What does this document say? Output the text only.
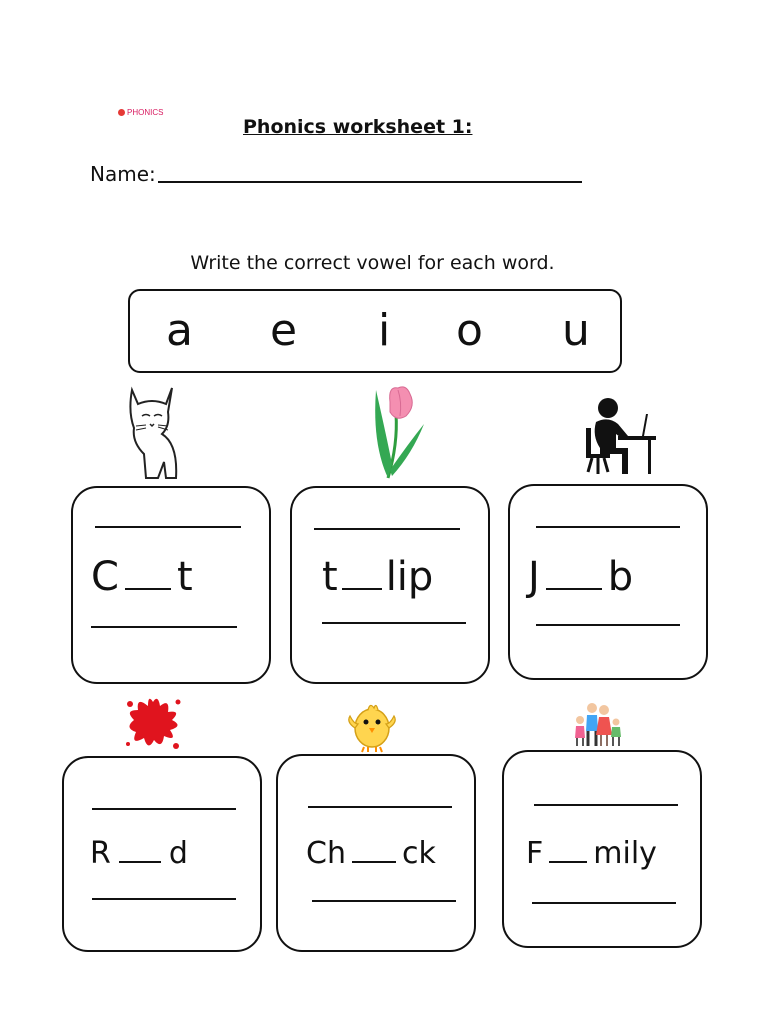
PHONICS
Phonics worksheet 1:
Name:
Write the correct vowel for each word.
a e i o u
C t	t lip J b
R d	Ch ck	F mily
